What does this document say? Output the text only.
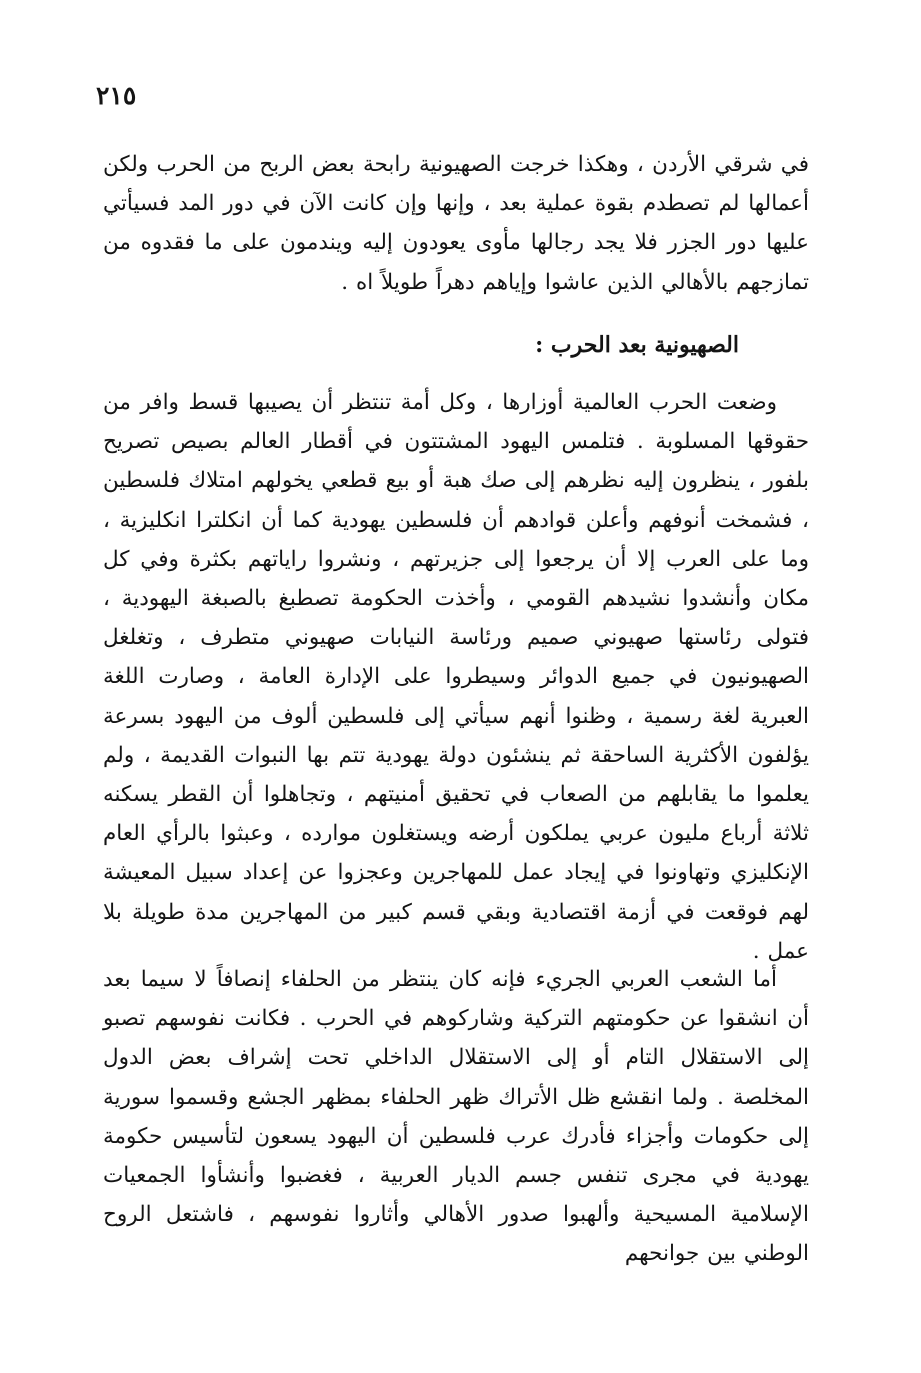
٢١٥

في شرقي الأردن ، وهكذا خرجت الصهيونية رابحة بعض الربح من الحرب ولكن أعمالها لم تصطدم بقوة عملية بعد ، وإنها وإن كانت الآن في دور المد فسيأتي عليها دور الجزر فلا يجد رجالها مأوى يعودون إليه ويندمون على ما فقدوه من تمازجهم بالأهالي الذين عاشوا وإياهم دهراً طويلاً اه .

الصهيونية بعد الحرب :

وضعت الحرب العالمية أوزارها ، وكل أمة تنتظر أن يصيبها قسط وافر من حقوقها المسلوبة . فتلمس اليهود المشتتون في أقطار العالم بصيص تصريح بلفور ، ينظرون إليه نظرهم إلى صك هبة أو بيع قطعي يخولهم امتلاك فلسطين ، فشمخت أنوفهم وأعلن قوادهم أن فلسطين يهودية كما أن انكلترا انكليزية ، وما على العرب إلا أن يرجعوا إلى جزيرتهم ، ونشروا راياتهم بكثرة وفي كل مكان وأنشدوا نشيدهم القومي ، وأخذت الحكومة تصطبغ بالصبغة اليهودية ، فتولى رئاستها صهيوني صميم ورئاسة النيابات صهيوني متطرف ، وتغلغل الصهيونيون في جميع الدوائر وسيطروا على الإدارة العامة ، وصارت اللغة العبرية لغة رسمية ، وظنوا أنهم سيأتي إلى فلسطين ألوف من اليهود بسرعة يؤلفون الأكثرية الساحقة ثم ينشئون دولة يهودية تتم بها النبوات القديمة ، ولم يعلموا ما يقابلهم من الصعاب في تحقيق أمنيتهم ، وتجاهلوا أن القطر يسكنه ثلاثة أرباع مليون عربي يملكون أرضه ويستغلون موارده ، وعبثوا بالرأي العام الإنكليزي وتهاونوا في إيجاد عمل للمهاجرين وعجزوا عن إعداد سبيل المعيشة لهم فوقعت في أزمة اقتصادية وبقي قسم كبير من المهاجرين مدة طويلة بلا عمل .

أما الشعب العربي الجريء فإنه كان ينتظر من الحلفاء إنصافاً لا سيما بعد أن انشقوا عن حكومتهم التركية وشاركوهم في الحرب . فكانت نفوسهم تصبو إلى الاستقلال التام أو إلى الاستقلال الداخلي تحت إشراف بعض الدول المخلصة . ولما انقشع ظل الأتراك ظهر الحلفاء بمظهر الجشع وقسموا سورية إلى حكومات وأجزاء فأدرك عرب فلسطين أن اليهود يسعون لتأسيس حكومة يهودية في مجرى تنفس جسم الديار العربية ، فغضبوا وأنشأوا الجمعيات الإسلامية المسيحية وألهبوا صدور الأهالي وأثاروا نفوسهم ، فاشتعل الروح الوطني بين جوانحهم
